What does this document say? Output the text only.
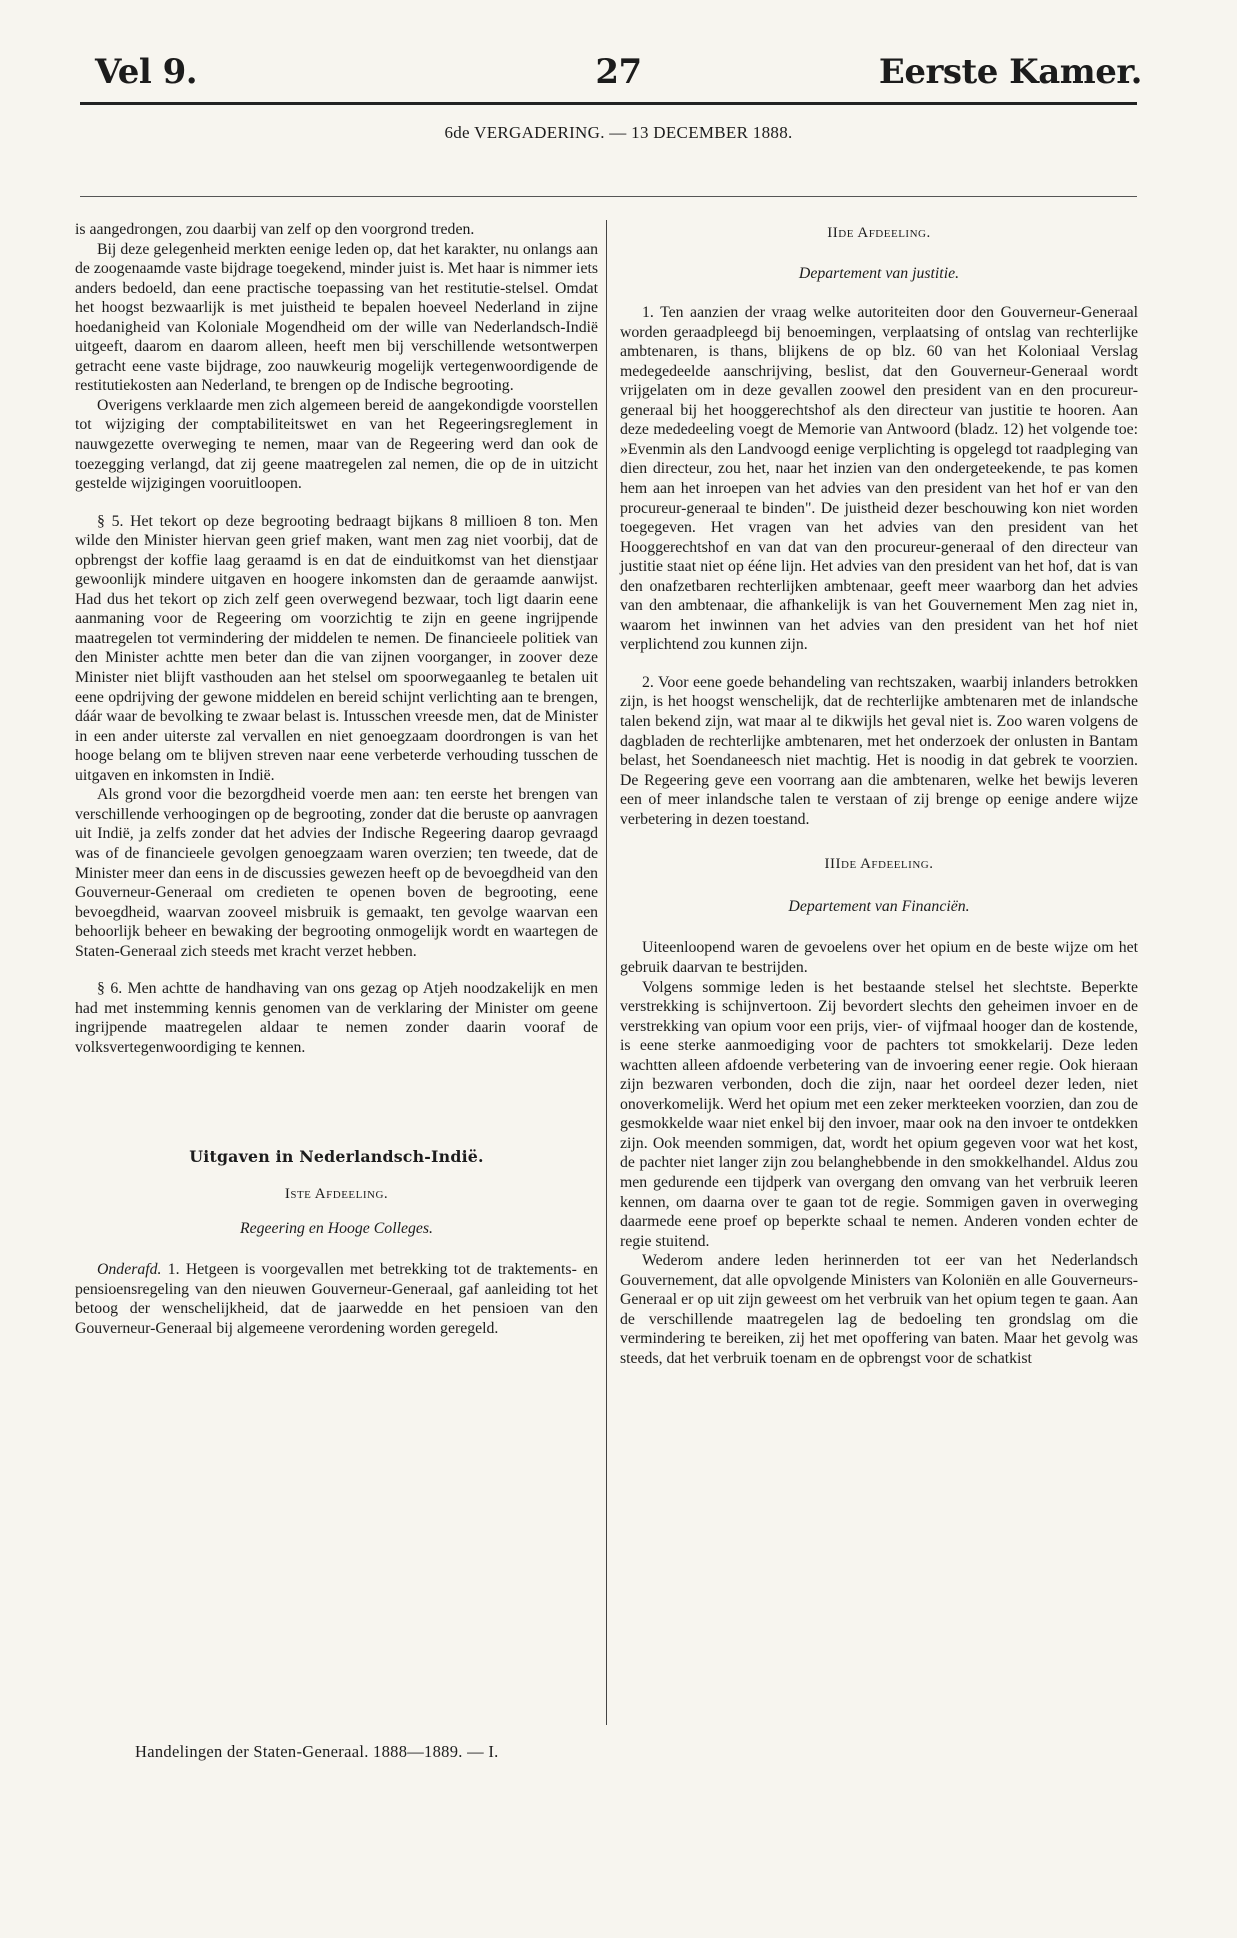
Vel 9.	27	Eerste Kamer.
6de VERGADERING. — 13 DECEMBER 1888.

is aangedrongen, zou daarbij van zelf op den voorgrond treden.

Bij deze gelegenheid merkten eenige leden op, dat het karakter, nu onlangs aan de zoogenaamde vaste bijdrage toegekend, minder juist is. Met haar is nimmer iets anders bedoeld, dan eene practische toepassing van het restitutie-stelsel. Omdat het hoogst bezwaarlijk is met juistheid te bepalen hoeveel Nederland in zijne hoedanigheid van Koloniale Mogendheid om der wille van Nederlandsch-Indië uitgeeft, daarom en daarom alleen, heeft men bij verschillende wetsontwerpen getracht eene vaste bijdrage, zoo nauwkeurig mogelijk vertegenwoordigende de restitutiekosten aan Nederland, te brengen op de Indische begrooting.

Overigens verklaarde men zich algemeen bereid de aangekondigde voorstellen tot wijziging der comptabiliteitswet en van het Regeeringsreglement in nauwgezette overweging te nemen, maar van de Regeering werd dan ook de toezegging verlangd, dat zij geene maatregelen zal nemen, die op de in uitzicht gestelde wijzigingen vooruitloopen.

§ 5. Het tekort op deze begrooting bedraagt bijkans 8 millioen 8 ton. Men wilde den Minister hiervan geen grief maken, want men zag niet voorbij, dat de opbrengst der koffie laag geraamd is en dat de einduitkomst van het dienstjaar gewoonlijk mindere uitgaven en hoogere inkomsten dan de geraamde aanwijst. Had dus het tekort op zich zelf geen overwegend bezwaar, toch ligt daarin eene aanmaning voor de Regeering om voorzichtig te zijn en geene ingrijpende maatregelen tot vermindering der middelen te nemen. De financieele politiek van den Minister achtte men beter dan die van zijnen voorganger, in zoover deze Minister niet blijft vasthouden aan het stelsel om spoorwegaanleg te betalen uit eene opdrijving der gewone middelen en bereid schijnt verlichting aan te brengen, dáár waar de bevolking te zwaar belast is. Intusschen vreesde men, dat de Minister in een ander uiterste zal vervallen en niet genoegzaam doordrongen is van het hooge belang om te blijven streven naar eene verbeterde verhouding tusschen de uitgaven en inkomsten in Indië.

Als grond voor die bezorgdheid voerde men aan: ten eerste het brengen van verschillende verhoogingen op de begrooting, zonder dat die beruste op aanvragen uit Indië, ja zelfs zonder dat het advies der Indische Regeering daarop gevraagd was of de financieele gevolgen genoegzaam waren overzien; ten tweede, dat de Minister meer dan eens in de discussies gewezen heeft op de bevoegdheid van den Gouverneur-Generaal om credieten te openen boven de begrooting, eene bevoegdheid, waarvan zooveel misbruik is gemaakt, ten gevolge waarvan een behoorlijk beheer en bewaking der begrooting onmogelijk wordt en waartegen de Staten-Generaal zich steeds met kracht verzet hebben.

§ 6. Men achtte de handhaving van ons gezag op Atjeh noodzakelijk en men had met instemming kennis genomen van de verklaring der Minister om geene ingrijpende maatregelen aldaar te nemen zonder daarin vooraf de volksvertegenwoordiging te kennen.

Uitgaven in Nederlandsch-Indië.
Iste Afdeeling.
Regeering en Hooge Colleges.

Onderafd. 1. Hetgeen is voorgevallen met betrekking tot de traktements- en pensioensregeling van den nieuwen Gouverneur-Generaal, gaf aanleiding tot het betoog der wenschelijkheid, dat de jaarwedde en het pensioen van den Gouverneur-Generaal bij algemeene verordening worden geregeld.

IIde Afdeeling.
Departement van justitie.

1. Ten aanzien der vraag welke autoriteiten door den Gouverneur-Generaal worden geraadpleegd bij benoemingen, verplaatsing of ontslag van rechterlijke ambtenaren, is thans, blijkens de op blz. 60 van het Koloniaal Verslag medegedeelde aanschrijving, beslist, dat den Gouverneur-Generaal wordt vrijgelaten om in deze gevallen zoowel den president van en den procureur-generaal bij het hooggerechtshof als den directeur van justitie te hooren. Aan deze mededeeling voegt de Memorie van Antwoord (bladz. 12) het volgende toe: »Evenmin als den Landvoogd eenige verplichting is opgelegd tot raadpleging van dien directeur, zou het, naar het inzien van den ondergeteekende, te pas komen hem aan het inroepen van het advies van den president van het hof er van den procureur-generaal te binden". De juistheid dezer beschouwing kon niet worden toegegeven. Het vragen van het advies van den president van het Hooggerechtshof en van dat van den procureur-generaal of den directeur van justitie staat niet op ééne lijn. Het advies van den president van het hof, dat is van den onafzetbaren rechterlijken ambtenaar, geeft meer waarborg dan het advies van den ambtenaar, die afhankelijk is van het Gouvernement Men zag niet in, waarom het inwinnen van het advies van den president van het hof niet verplichtend zou kunnen zijn.

2. Voor eene goede behandeling van rechtszaken, waarbij inlanders betrokken zijn, is het hoogst wenschelijk, dat de rechterlijke ambtenaren met de inlandsche talen bekend zijn, wat maar al te dikwijls het geval niet is. Zoo waren volgens de dagbladen de rechterlijke ambtenaren, met het onderzoek der onlusten in Bantam belast, het Soendaneesch niet machtig. Het is noodig in dat gebrek te voorzien. De Regeering geve een voorrang aan die ambtenaren, welke het bewijs leveren een of meer inlandsche talen te verstaan of zij brenge op eenige andere wijze verbetering in dezen toestand.

IIIde Afdeeling.
Departement van Financiën.

Uiteenloopend waren de gevoelens over het opium en de beste wijze om het gebruik daarvan te bestrijden.

Volgens sommige leden is het bestaande stelsel het slechtste. Beperkte verstrekking is schijnvertoon. Zij bevordert slechts den geheimen invoer en de verstrekking van opium voor een prijs, vier- of vijfmaal hooger dan de kostende, is eene sterke aanmoediging voor de pachters tot smokkelarij. Deze leden wachtten alleen afdoende verbetering van de invoering eener regie. Ook hieraan zijn bezwaren verbonden, doch die zijn, naar het oordeel dezer leden, niet onoverkomelijk. Werd het opium met een zeker merkteeken voorzien, dan zou de gesmokkelde waar niet enkel bij den invoer, maar ook na den invoer te ontdekken zijn. Ook meenden sommigen, dat, wordt het opium gegeven voor wat het kost, de pachter niet langer zijn zou belanghebbende in den smokkelhandel. Aldus zou men gedurende een tijdperk van overgang den omvang van het verbruik leeren kennen, om daarna over te gaan tot de regie. Sommigen gaven in overweging daarmede eene proef op beperkte schaal te nemen. Anderen vonden echter de regie stuitend.

Wederom andere leden herinnerden tot eer van het Nederlandsch Gouvernement, dat alle opvolgende Ministers van Koloniën en alle Gouverneurs-Generaal er op uit zijn geweest om het verbruik van het opium tegen te gaan. Aan de verschillende maatregelen lag de bedoeling ten grondslag om die vermindering te bereiken, zij het met opoffering van baten. Maar het gevolg was steeds, dat het verbruik toenam en de opbrengst voor de schatkist

Handelingen der Staten-Generaal. 1888—1889. — I.
